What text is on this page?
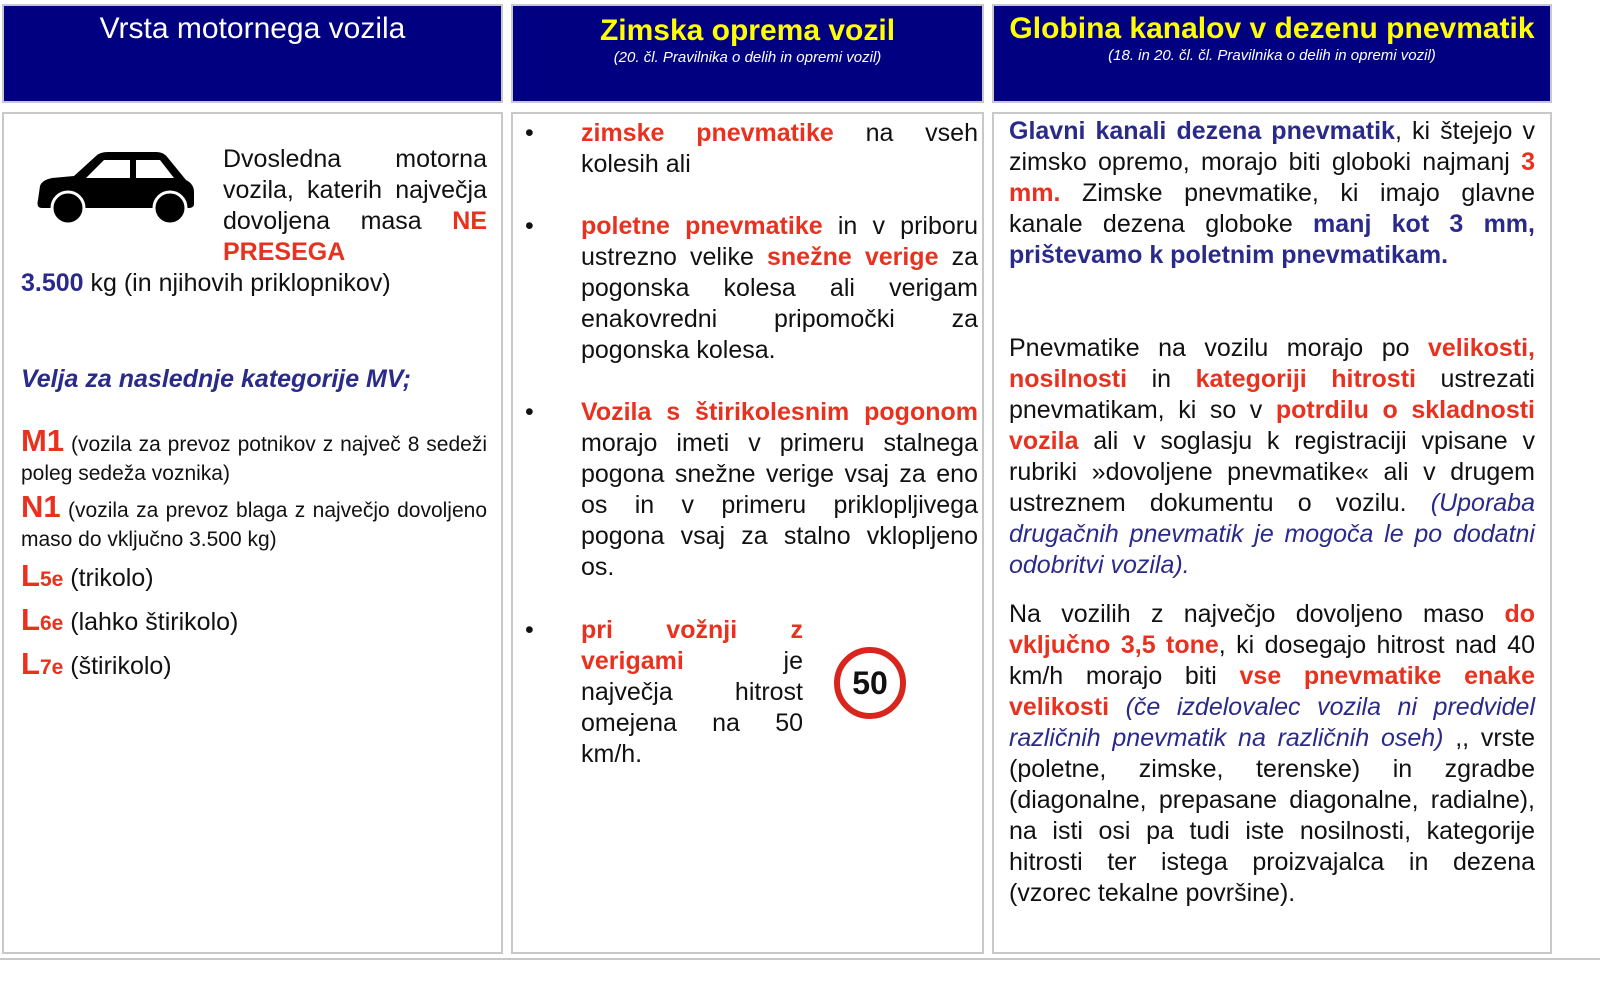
Vrsta motornega vozila	Zimska oprema vozil
(20. čl. Pravilnika o delih in opremi vozil)
Globina kanalov v dezenu pnevmatik
(18. in 20. čl. čl. Pravilnika o delih in opremi vozil)
Dvosledna motorna vozila, katerih največja dovoljena masa NE PRESEGA
3.500 kg (in njihovih priklopnikov)
Velja za naslednje kategorije MV;
M1 (vozila za prevoz potnikov z največ 8 sedeži poleg sedeža voznika)
N1 (vozila za prevoz blaga z največjo dovoljeno maso do vključno 3.500 kg)
L5e (trikolo)
L6e (lahko štirikolo)
L7e (štirikolo)
• zimske pnevmatike na vseh kolesih ali
• poletne pnevmatike in v priboru ustrezno velike snežne verige za pogonska kolesa ali verigam enakovredni pripomočki za pogonska kolesa.
• Vozila s štirikolesnim pogonom morajo imeti v primeru stalnega pogona snežne verige vsaj za eno os in v primeru priklopljivega pogona vsaj za stalno vklopljeno os.
• pri vožnji z verigami je največja hitrost omejena na 50 km/h.
50
Glavni kanali dezena pnevmatik, ki štejejo v zimsko opremo, morajo biti globoki najmanj 3 mm. Zimske pnevmatike, ki imajo glavne kanale dezena globoke manj kot 3 mm, prištevamo k poletnim pnevmatikam.
Pnevmatike na vozilu morajo po velikosti, nosilnosti in kategoriji hitrosti ustrezati pnevmatikam, ki so v potrdilu o skladnosti vozila ali v soglasju k registraciji vpisane v rubriki »dovoljene pnevmatike« ali v drugem ustreznem dokumentu o vozilu. (Uporaba drugačnih pnevmatik je mogoča le po dodatni odobritvi vozila).
Na vozilih z največjo dovoljeno maso do vključno 3,5 tone, ki dosegajo hitrost nad 40 km/h morajo biti vse pnevmatike enake velikosti (če izdelovalec vozila ni predvidel različnih pnevmatik na različnih oseh) ,, vrste (poletne, zimske, terenske) in zgradbe (diagonalne, prepasane diagonalne, radialne), na isti osi pa tudi iste nosilnosti, kategorije hitrosti ter istega proizvajalca in dezena (vzorec tekalne površine).
